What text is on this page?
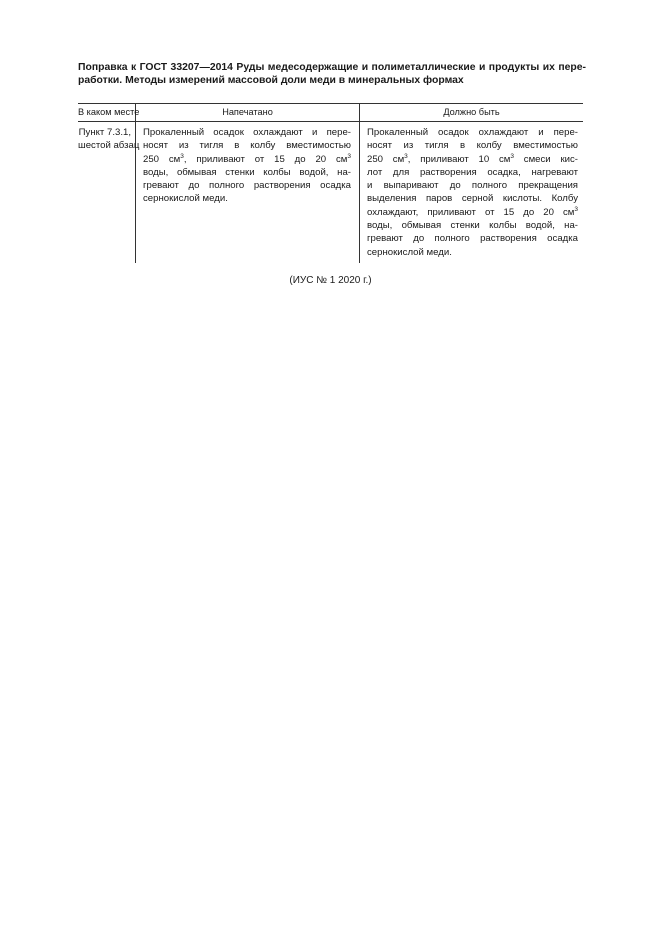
Поправка к ГОСТ 33207—2014 Руды медесодержащие и полиметаллические и продукты их пере-
работки. Методы измерений массовой доли меди в минеральных формах
В каком месте	Напечатано	Должно быть
Пункт 7.3.1,
шестой абзац
Прокаленный осадок охлаждают и пере-
носят из тигля в колбу вместимостью
250 $см^3$, приливают от 15 до 20 $см^3$
воды, обмывая стенки колбы водой, на-
гревают до полного растворения осадка
сернокислой меди.
Прокаленный осадок охлаждают и пере-
носят из тигля в колбу вместимостью
250 $см^3$, приливают 10 $см^3$ смеси кис-
лот для растворения осадка, нагревают
и выпаривают до полного прекращения
выделения паров серной кислоты. Колбу
охлаждают, приливают от 15 до 20 $см^3$
воды, обмывая стенки колбы водой, на-
гревают до полного растворения осадка
сернокислой меди.
(ИУС № 1 2020 г.)
